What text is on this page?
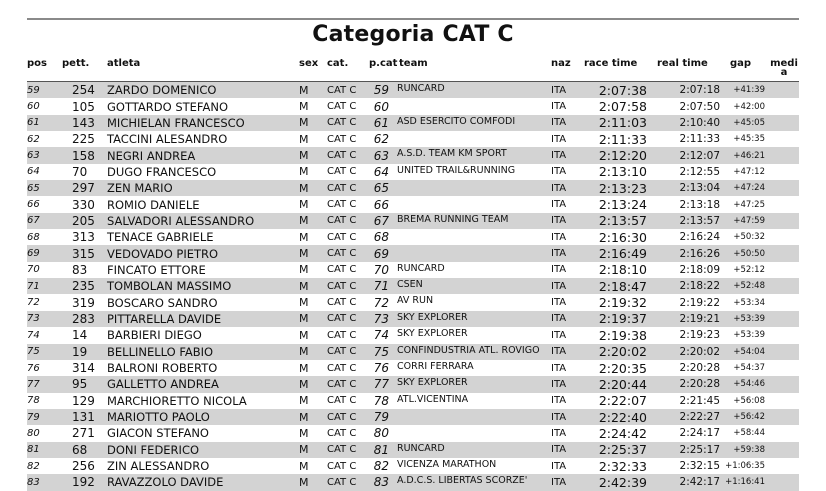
Categoria CAT C
pos	pett.	atleta	sex	cat.	p.cat	team	naz	race time	real time	gap	medi a
59	254	ZARDO DOMENICO	M	CAT C	59	RUNCARD	ITA	2:07:38	2:07:18	+41:39	
60	105	GOTTARDO STEFANO	M	CAT C	60		ITA	2:07:58	2:07:50	+42:00	
61	143	MICHIELAN FRANCESCO	M	CAT C	61	ASD ESERCITO COMFODI	ITA	2:11:03	2:10:40	+45:05	
62	225	TACCINI ALESANDRO	M	CAT C	62		ITA	2:11:33	2:11:33	+45:35	
63	158	NEGRI ANDREA	M	CAT C	63	A.S.D. TEAM KM SPORT	ITA	2:12:20	2:12:07	+46:21	
64	70	DUGO FRANCESCO	M	CAT C	64	UNITED TRAIL&RUNNING	ITA	2:13:10	2:12:55	+47:12	
65	297	ZEN MARIO	M	CAT C	65		ITA	2:13:23	2:13:04	+47:24	
66	330	ROMIO DANIELE	M	CAT C	66		ITA	2:13:24	2:13:18	+47:25	
67	205	SALVADORI ALESSANDRO	M	CAT C	67	BREMA RUNNING TEAM	ITA	2:13:57	2:13:57	+47:59	
68	313	TENACE GABRIELE	M	CAT C	68		ITA	2:16:30	2:16:24	+50:32	
69	315	VEDOVADO PIETRO	M	CAT C	69		ITA	2:16:49	2:16:26	+50:50	
70	83	FINCATO ETTORE	M	CAT C	70	RUNCARD	ITA	2:18:10	2:18:09	+52:12	
71	235	TOMBOLAN MASSIMO	M	CAT C	71	CSEN	ITA	2:18:47	2:18:22	+52:48	
72	319	BOSCARO SANDRO	M	CAT C	72	AV RUN	ITA	2:19:32	2:19:22	+53:34	
73	283	PITTARELLA DAVIDE	M	CAT C	73	SKY EXPLORER	ITA	2:19:37	2:19:21	+53:39	
74	14	BARBIERI DIEGO	M	CAT C	74	SKY EXPLORER	ITA	2:19:38	2:19:23	+53:39	
75	19	BELLINELLO FABIO	M	CAT C	75	CONFINDUSTRIA ATL. ROVIGO	ITA	2:20:02	2:20:02	+54:04	
76	314	BALRONI ROBERTO	M	CAT C	76	CORRI FERRARA	ITA	2:20:35	2:20:28	+54:37	
77	95	GALLETTO ANDREA	M	CAT C	77	SKY EXPLORER	ITA	2:20:44	2:20:28	+54:46	
78	129	MARCHIORETTO NICOLA	M	CAT C	78	ATL.VICENTINA	ITA	2:22:07	2:21:45	+56:08	
79	131	MARIOTTO PAOLO	M	CAT C	79		ITA	2:22:40	2:22:27	+56:42	
80	271	GIACON STEFANO	M	CAT C	80		ITA	2:24:42	2:24:17	+58:44	
81	68	DONI FEDERICO	M	CAT C	81	RUNCARD	ITA	2:25:37	2:25:17	+59:38	
82	256	ZIN ALESSANDRO	M	CAT C	82	VICENZA MARATHON	ITA	2:32:33	2:32:15	+1:06:35	
83	192	RAVAZZOLO DAVIDE	M	CAT C	83	A.D.C.S. LIBERTAS SCORZE'	ITA	2:42:39	2:42:17	+1:16:41	
